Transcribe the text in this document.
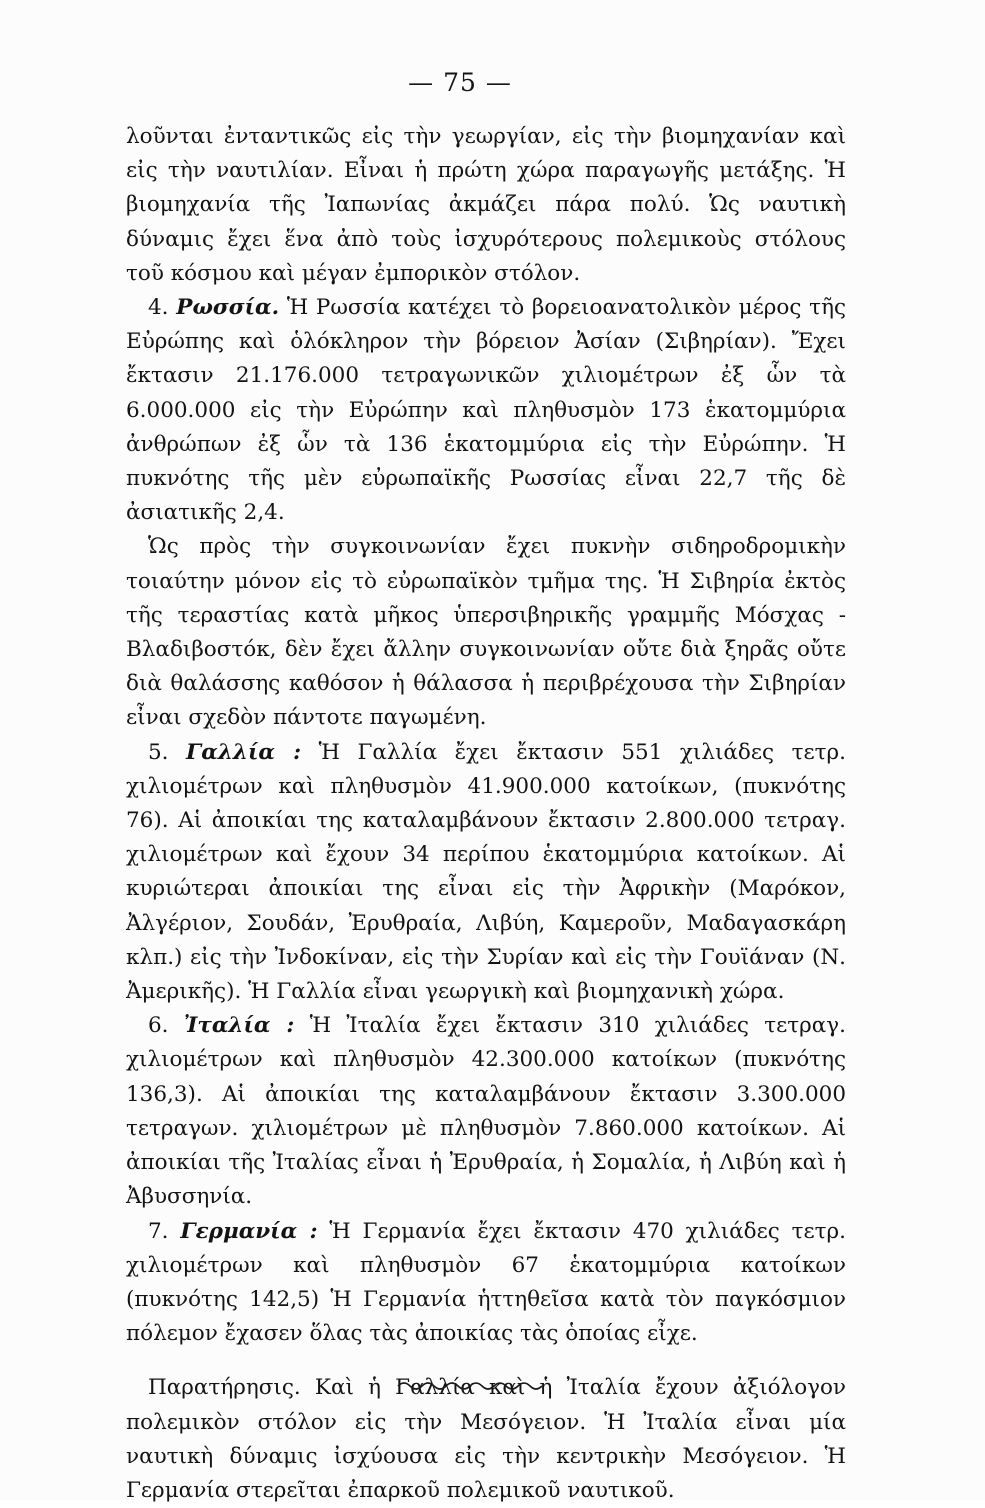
— 75 —

λοῦνται ἐνταντικῶς εἰς τὴν γεωργίαν, εἰς τὴν βιομηχανίαν καὶ εἰς τὴν ναυτιλίαν. Εἶναι ἡ πρώτη χώρα παραγωγῆς μετάξης. Ἡ βιομηχανία τῆς Ἰαπωνίας ἀκμάζει πάρα πολύ. Ὡς ναυτικὴ δύναμις ἔχει ἕνα ἀπὸ τοὺς ἰσχυρότερους πολεμικοὺς στόλους τοῦ κόσμου καὶ μέγαν ἐμπορικὸν στόλον.

4. Ρωσσία. Ἡ Ρωσσία κατέχει τὸ βορειοανατολικὸν μέρος τῆς Εὐρώπης καὶ ὁλόκληρον τὴν βόρειον Ἀσίαν (Σιβηρίαν). Ἔχει ἔκτασιν 21.176.000 τετραγωνικῶν χιλιομέτρων ἐξ ὧν τὰ 6.000.000 εἰς τὴν Εὐρώπην καὶ πληθυσμὸν 173 ἑκατομμύρια ἀνθρώπων ἐξ ὧν τὰ 136 ἑκατομμύρια εἰς τὴν Εὐρώπην. Ἡ πυκνότης τῆς μὲν εὐρωπαϊκῆς Ρωσσίας εἶναι 22,7 τῆς δὲ ἀσιατικῆς 2,4.

Ὡς πρὸς τὴν συγκοινωνίαν ἔχει πυκνὴν σιδηροδρομικὴν τοιαύτην μόνον εἰς τὸ εὐρωπαϊκὸν τμῆμα της. Ἡ Σιβηρία ἐκτὸς τῆς τεραστίας κατὰ μῆκος ὑπερσιβηρικῆς γραμμῆς Μόσχας - Βλαδιβοστόκ, δὲν ἔχει ἄλλην συγκοινωνίαν οὔτε διὰ ξηρᾶς οὔτε διὰ θαλάσσης καθόσον ἡ θάλασσα ἡ περιβρέχουσα τὴν Σιβηρίαν εἶναι σχεδὸν πάντοτε παγωμένη.

5. Γαλλία : Ἡ Γαλλία ἔχει ἔκτασιν 551 χιλιάδες τετρ. χιλιομέτρων καὶ πληθυσμὸν 41.900.000 κατοίκων, (πυκνότης 76). Αἱ ἀποικίαι της καταλαμβάνουν ἔκτασιν 2.800.000 τετραγ. χιλιομέτρων καὶ ἔχουν 34 περίπου ἑκατομμύρια κατοίκων. Αἱ κυριώτεραι ἀποικίαι της εἶναι εἰς τὴν Ἀφρικὴν (Μαρόκον, Ἀλγέριον, Σουδάν, Ἐρυθραία, Λιβύη, Καμεροῦν, Μαδαγασκάρη κλπ.) εἰς τὴν Ἰνδοκίναν, εἰς τὴν Συρίαν καὶ εἰς τὴν Γουϊάναν (Ν. Ἀμερικῆς). Ἡ Γαλλία εἶναι γεωργικὴ καὶ βιομηχανικὴ χώρα.

6. Ἰταλία : Ἡ Ἰταλία ἔχει ἔκτασιν 310 χιλιάδες τετραγ. χιλιομέτρων καὶ πληθυσμὸν 42.300.000 κατοίκων (πυκνότης 136,3). Αἱ ἀποικίαι της καταλαμβάνουν ἔκτασιν 3.300.000 τετραγων. χιλιομέτρων μὲ πληθυσμὸν 7.860.000 κατοίκων. Αἱ ἀποικίαι τῆς Ἰταλίας εἶναι ἡ Ἐρυθραία, ἡ Σομαλία, ἡ Λιβύη καὶ ἡ Ἀβυσσηνία.

7. Γερμανία : Ἡ Γερμανία ἔχει ἔκτασιν 470 χιλιάδες τετρ. χιλιομέτρων καὶ πληθυσμὸν 67 ἑκατομμύρια κατοίκων (πυκνότης 142,5) Ἡ Γερμανία ἡττηθεῖσα κατὰ τὸν παγκόσμιον πόλεμον ἔχασεν ὅλας τὰς ἀποικίας τὰς ὁποίας εἶχε.

Παρατήρησις. Καὶ ἡ Γαλλία καὶ ἡ Ἰταλία ἔχουν ἀξιόλογον πολεμικὸν στόλον εἰς τὴν Μεσόγειον. Ἡ Ἰταλία εἶναι μία ναυτικὴ δύναμις ἰσχύουσα εἰς τὴν κεντρικὴν Μεσόγειον. Ἡ Γερμανία στερεῖται ἐπαρκοῦ πολεμικοῦ ναυτικοῦ.
